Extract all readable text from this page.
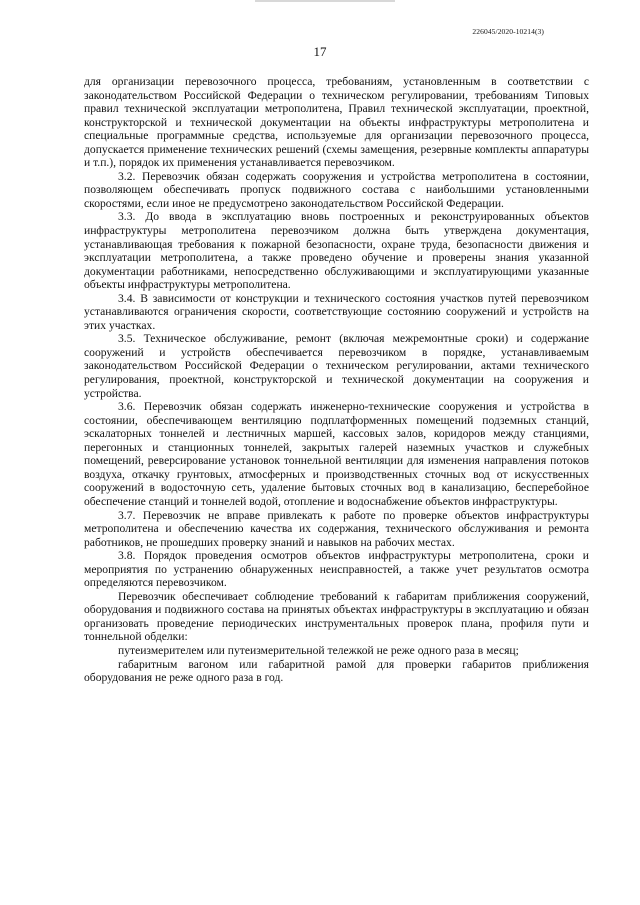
226045/2020-10214(3)
17

для организации перевозочного процесса, требованиям, установленным в соответствии с законодательством Российской Федерации о техническом регулировании, требованиям Типовых правил технической эксплуатации метрополитена, Правил технической эксплуатации, проектной, конструкторской и технической документации на объекты инфраструктуры метрополитена и специальные программные средства, используемые для организации перевозочного процесса, допускается применение технических решений (схемы замещения, резервные комплекты аппаратуры и т.п.), порядок их применения устанавливается перевозчиком.

3.2. Перевозчик обязан содержать сооружения и устройства метрополитена в состоянии, позволяющем обеспечивать пропуск подвижного состава с наибольшими установленными скоростями, если иное не предусмотрено законодательством Российской Федерации.

3.3. До ввода в эксплуатацию вновь построенных и реконструированных объектов инфраструктуры метрополитена перевозчиком должна быть утверждена документация, устанавливающая требования к пожарной безопасности, охране труда, безопасности движения и эксплуатации метрополитена, а также проведено обучение и проверены знания указанной документации работниками, непосредственно обслуживающими и эксплуатирующими указанные объекты инфраструктуры метрополитена.

3.4. В зависимости от конструкции и технического состояния участков путей перевозчиком устанавливаются ограничения скорости, соответствующие состоянию сооружений и устройств на этих участках.

3.5. Техническое обслуживание, ремонт (включая межремонтные сроки) и содержание сооружений и устройств обеспечивается перевозчиком в порядке, устанавливаемым законодательством Российской Федерации о техническом регулировании, актами технического регулирования, проектной, конструкторской и технической документации на сооружения и устройства.

3.6. Перевозчик обязан содержать инженерно-технические сооружения и устройства в состоянии, обеспечивающем вентиляцию подплатформенных помещений подземных станций, эскалаторных тоннелей и лестничных маршей, кассовых залов, коридоров между станциями, перегонных и станционных тоннелей, закрытых галерей наземных участков и служебных помещений, реверсирование установок тоннельной вентиляции для изменения направления потоков воздуха, откачку грунтовых, атмосферных и производственных сточных вод от искусственных сооружений в водосточную сеть, удаление бытовых сточных вод в канализацию, бесперебойное обеспечение станций и тоннелей водой, отопление и водоснабжение объектов инфраструктуры.

3.7. Перевозчик не вправе привлекать к работе по проверке объектов инфраструктуры метрополитена и обеспечению качества их содержания, технического обслуживания и ремонта работников, не прошедших проверку знаний и навыков на рабочих местах.

3.8. Порядок проведения осмотров объектов инфраструктуры метрополитена, сроки и мероприятия по устранению обнаруженных неисправностей, а также учет результатов осмотра определяются перевозчиком.

Перевозчик обеспечивает соблюдение требований к габаритам приближения сооружений, оборудования и подвижного состава на принятых объектах инфраструктуры в эксплуатацию и обязан организовать проведение периодических инструментальных проверок плана, профиля пути и тоннельной обделки:

путеизмерителем или путеизмерительной тележкой не реже одного раза в месяц;

габаритным вагоном или габаритной рамой для проверки габаритов приближения оборудования не реже одного раза в год.
